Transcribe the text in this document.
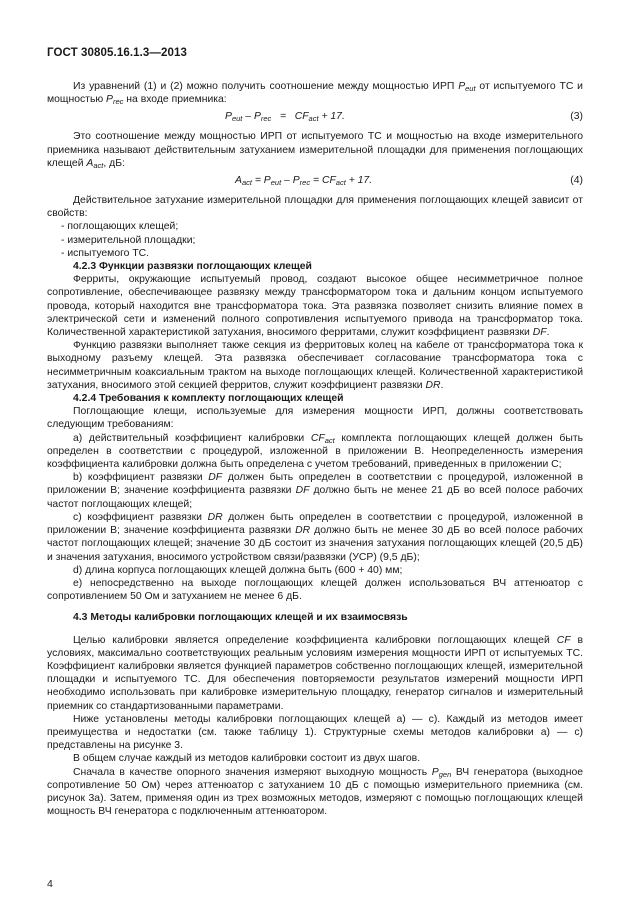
ГОСТ 30805.16.1.3—2013

Из уравнений (1) и (2) можно получить соотношение между мощностью ИРП $P_{eut}$ от испытуемого ТС и мощностью $P_{rec}$ на входе приемника:

$P_{eut} - P_{rec} = CF_{act} + 17$.	(3)

Это соотношение между мощностью ИРП от испытуемого ТС и мощностью на входе измерительного приемника называют действительным затуханием измерительной площадки для применения поглощающих клещей $A_{act}$, дБ:

$A_{act} = P_{eut} - P_{rec} = CF_{act} + 17$.	(4)

Действительное затухание измерительной площадки для применения поглощающих клещей зависит от свойств:

- поглощающих клещей;

- измерительной площадки;

- испытуемого ТС.

4.2.3 Функции развязки поглощающих клещей

Ферриты, окружающие испытуемый провод, создают высокое общее несимметричное полное сопротивление, обеспечивающее развязку между трансформатором тока и дальним концом испытуемого провода, который находится вне трансформатора тока. Эта развязка позволяет снизить влияние помех в электрической сети и изменений полного сопротивления испытуемого привода на трансформатор тока. Количественной характеристикой затухания, вносимого ферритами, служит коэффициент развязки DF.

Функцию развязки выполняет также секция из ферритовых колец на кабеле от трансформатора тока к выходному разъему клещей. Эта развязка обеспечивает согласование трансформатора тока с несимметричным коаксиальным трактом на выходе поглощающих клещей. Количественной характеристикой затухания, вносимого этой секцией ферритов, служит коэффициент развязки DR.

4.2.4 Требования к комплекту поглощающих клещей

Поглощающие клещи, используемые для измерения мощности ИРП, должны соответствовать следующим требованиям:

а) действительный коэффициент калибровки $CF_{act}$ комплекта поглощающих клещей должен быть определен в соответствии с процедурой, изложенной в приложении B. Неопределенность измерения коэффициента калибровки должна быть определена с учетом требований, приведенных в приложении C;

b) коэффициент развязки DF должен быть определен в соответствии с процедурой, изложенной в приложении B; значение коэффициента развязки DF должно быть не менее 21 дБ во всей полосе рабочих частот поглощающих клещей;

c) коэффициент развязки DR должен быть определен в соответствии с процедурой, изложенной в приложении B; значение коэффициента развязки DR должно быть не менее 30 дБ во всей полосе рабочих частот поглощающих клещей; значение 30 дБ состоит из значения затухания поглощающих клещей (20,5 дБ) и значения затухания, вносимого устройством связи/развязки (УСР) (9,5 дБ);

d) длина корпуса поглощающих клещей должна быть (600 + 40) мм;

e) непосредственно на выходе поглощающих клещей должен использоваться ВЧ аттенюатор с сопротивлением 50 Ом и затуханием не менее 6 дБ.

4.3 Методы калибровки поглощающих клещей и их взаимосвязь

Целью калибровки является определение коэффициента калибровки поглощающих клещей CF в условиях, максимально соответствующих реальным условиям измерения мощности ИРП от испытуемых ТС. Коэффициент калибровки является функцией параметров собственно поглощающих клещей, измерительной площадки и испытуемого ТС. Для обеспечения повторяемости результатов измерений мощности ИРП необходимо использовать при калибровке измерительную площадку, генератор сигналов и измерительный приемник со стандартизованными параметрами.

Ниже установлены методы калибровки поглощающих клещей а) — с). Каждый из методов имеет преимущества и недостатки (см. также таблицу 1). Структурные схемы методов калибровки а) — с) представлены на рисунке 3.

В общем случае каждый из методов калибровки состоит из двух шагов.

Сначала в качестве опорного значения измеряют выходную мощность $P_{gen}$ ВЧ генератора (выходное сопротивление 50 Ом) через аттенюатор с затуханием 10 дБ с помощью измерительного приемника (см. рисунок 3а). Затем, применяя один из трех возможных методов, измеряют с помощью поглощающих клещей мощность ВЧ генератора с подключенным аттенюатором.

4
